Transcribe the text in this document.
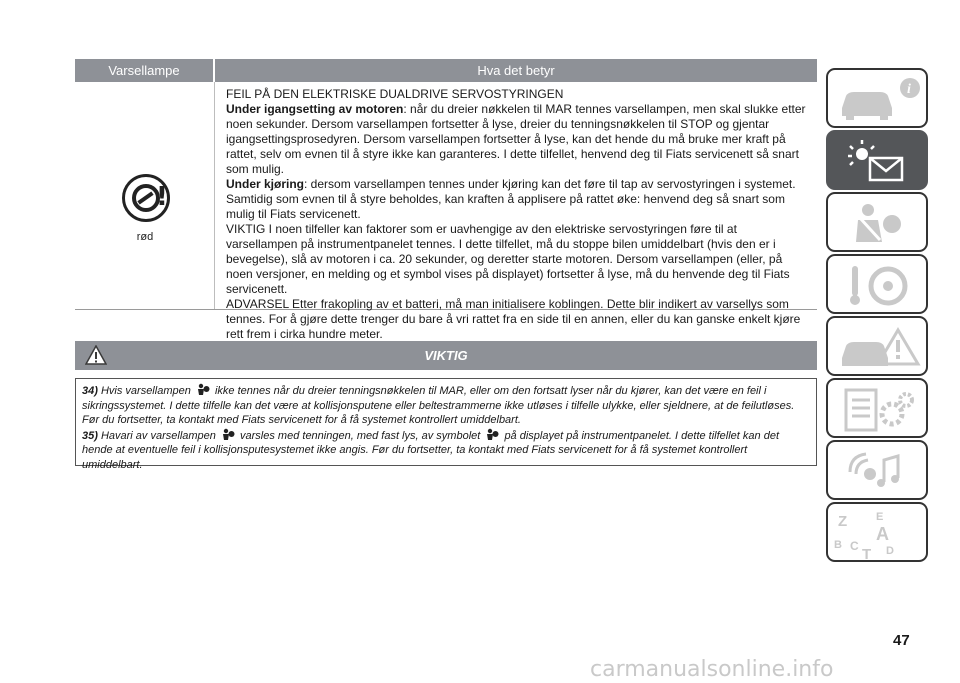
Varsellampe	Hva det betyr
!
rød

FEIL PÅ DEN ELEKTRISKE DUALDRIVE SERVOSTYRINGEN

Under igangsetting av motoren: når du dreier nøkkelen til MAR tennes varsellampen, men skal slukke etter noen sekunder. Dersom varsellampen fortsetter å lyse, dreier du tenningsnøkkelen til STOP og gjentar igangsettingsprosedyren. Dersom varsellampen fortsetter å lyse, kan det hende du må bruke mer kraft på rattet, selv om evnen til å styre ikke kan garanteres. I dette tilfellet, henvend deg til Fiats servicenett så snart som mulig.

Under kjøring: dersom varsellampen tennes under kjøring kan det føre til tap av servostyringen i systemet. Samtidig som evnen til å styre beholdes, kan kraften å applisere på rattet øke: henvend deg så snart som mulig til Fiats servicenett.

VIKTIG I noen tilfeller kan faktorer som er uavhengige av den elektriske servostyringen føre til at varsellampen på instrumentpanelet tennes. I dette tilfellet, må du stoppe bilen umiddelbart (hvis den er i bevegelse), slå av motoren i ca. 20 sekunder, og deretter starte motoren. Dersom varsellampen (eller, på noen versjoner, en melding og et symbol vises på displayet) fortsetter å lyse, må du henvende deg til Fiats servicenett.

ADVARSEL Etter frakopling av et batteri, må man initialisere koblingen. Dette blir indikert av varsellys som tennes. For å gjøre dette trenger du bare å vri rattet fra en side til en annen, eller du kan ganske enkelt kjøre rett frem i cirka hundre meter.

VIKTIG

34) Hvis varsellampen ikke tennes når du dreier tenningsnøkkelen til MAR, eller om den fortsatt lyser når du kjører, kan det være en feil i sikringssystemet. I dette tilfelle kan det være at kollisjonsputene eller beltestrammerne ikke utløses i tilfelle ulykke, eller sjeldnere, at de feilutløses. Før du fortsetter, ta kontakt med Fiats servicenett for å få systemet kontrollert umiddelbart.

35) Havari av varsellampen varsles med tenningen, med fast lys, av symbolet på displayet på instrumentpanelet. I dette tilfellet kan det hende at eventuelle feil i kollisjonsputesystemet ikke angis. Før du fortsetter, ta kontakt med Fiats servicenett for å få systemet kontrollert umiddelbart.

i
Z	E
B
A
C T D
47
carmanualsonline.info
